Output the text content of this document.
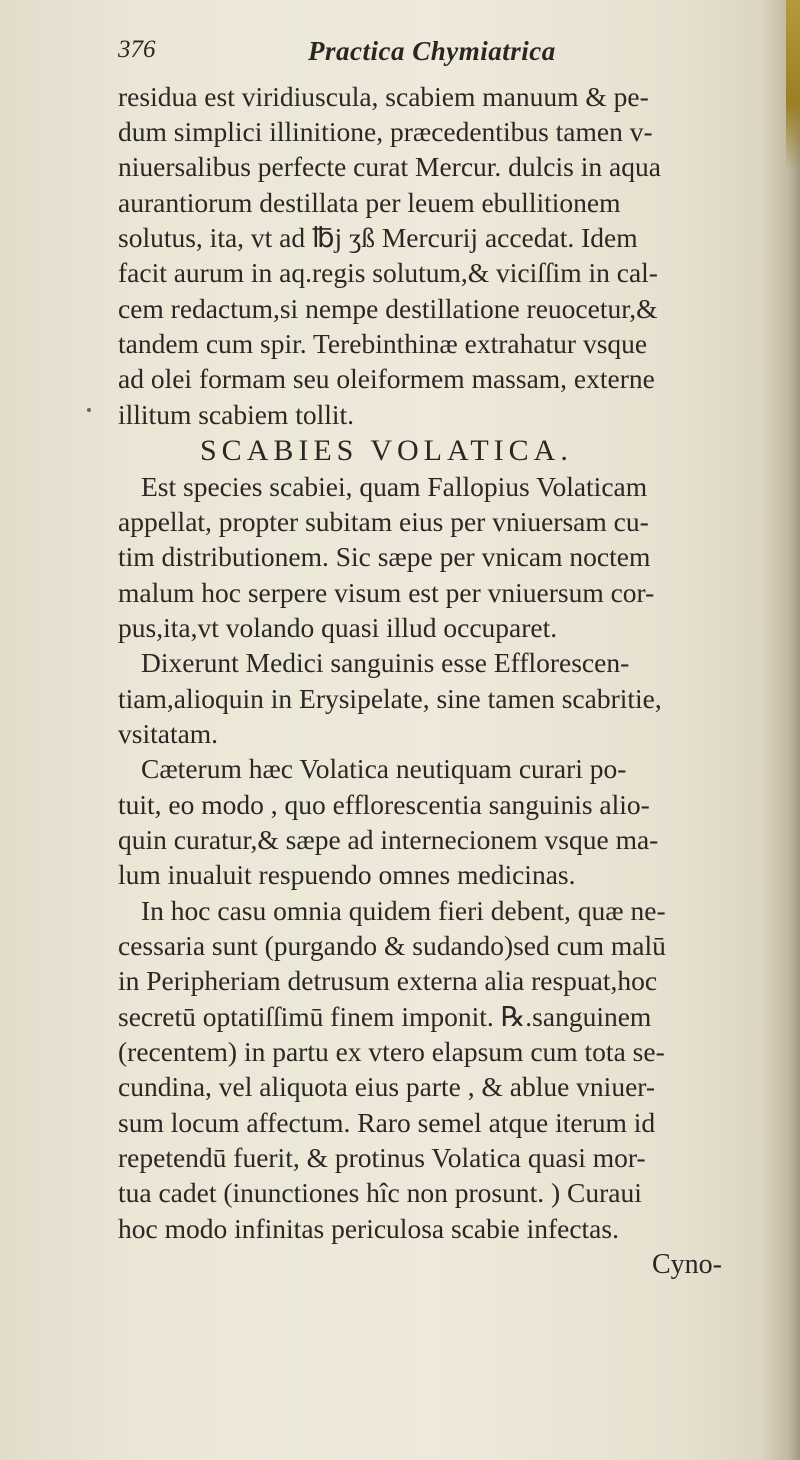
376	Practica Chymiatrica
residua est viridiuscula, scabiem manuum & pe-
dum simplici illinitione, præcedentibus tamen v-
niuersalibus perfecte curat Mercur. dulcis in aqua
aurantiorum destillata per leuem ebullitionem
solutus, ita, vt ad ℔j ʒß Mercurij accedat. Idem
facit aurum in aq.regis solutum,& viciſſim in cal-
cem redactum,si nempe destillatione reuocetur,&
tandem cum spir. Terebinthinæ extrahatur vsque
ad olei formam seu oleiformem massam, externe
illitum scabiem tollit.
SCABIES VOLATICA.
Est species scabiei, quam Fallopius Volaticam
appellat, propter subitam eius per vniuersam cu-
tim distributionem. Sic sæpe per vnicam noctem
malum hoc serpere visum est per vniuersum cor-
pus,ita,vt volando quasi illud occuparet.
Dixerunt Medici sanguinis esse Efflorescen-
tiam,alioquin in Erysipelate, sine tamen scabritie,
vsitatam.
Cæterum hæc Volatica neutiquam curari po-
tuit, eo modo , quo efflorescentia sanguinis alio-
quin curatur,& sæpe ad internecionem vsque ma-
lum inualuit respuendo omnes medicinas.
In hoc casu omnia quidem fieri debent, quæ ne-
cessaria sunt (purgando & sudando)sed cum malū
in Peripheriam detrusum externa alia respuat,hoc
secretū optatiſſimū finem imponit. ℞.sanguinem
(recentem) in partu ex vtero elapsum cum tota se-
cundina, vel aliquota eius parte , & ablue vniuer-
sum locum affectum. Raro semel atque iterum id
repetendū fuerit, & protinus Volatica quasi mor-
tua cadet (inunctiones hîc non prosunt. ) Curaui
hoc modo infinitas periculosa scabie infectas.
Cyno-
